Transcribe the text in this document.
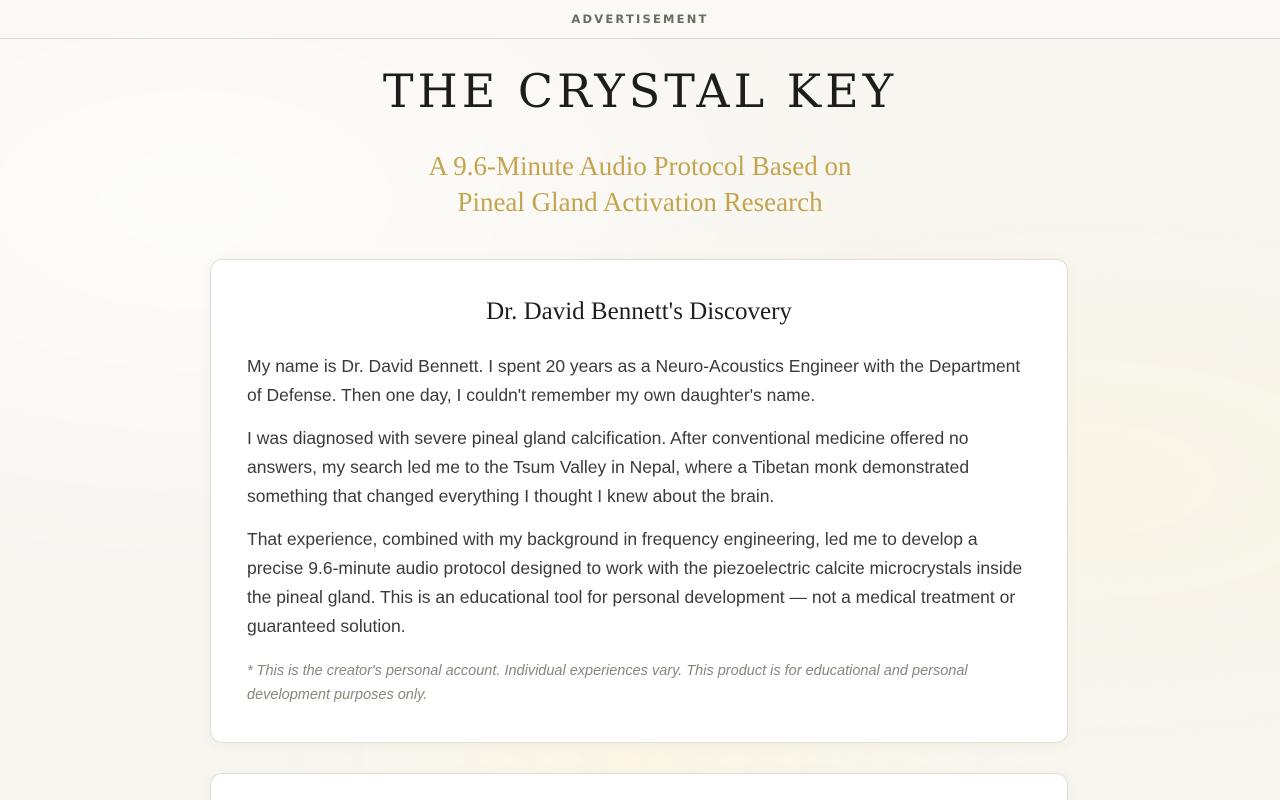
ADVERTISEMENT
THE CRYSTAL KEY
A 9.6-Minute Audio Protocol Based on
Pineal Gland Activation Research
Dr. David Bennett's Discovery

My name is Dr. David Bennett. I spent 20 years as a Neuro-Acoustics Engineer with the Department of Defense. Then one day, I couldn't remember my own daughter's name.

I was diagnosed with severe pineal gland calcification. After conventional medicine offered no answers, my search led me to the Tsum Valley in Nepal, where a Tibetan monk demonstrated something that changed everything I thought I knew about the brain.

That experience, combined with my background in frequency engineering, led me to develop a precise 9.6-minute audio protocol designed to work with the piezoelectric calcite microcrystals inside the pineal gland. This is an educational tool for personal development — not a medical treatment or guaranteed solution.

* This is the creator's personal account. Individual experiences vary. This product is for educational and personal development purposes only.
